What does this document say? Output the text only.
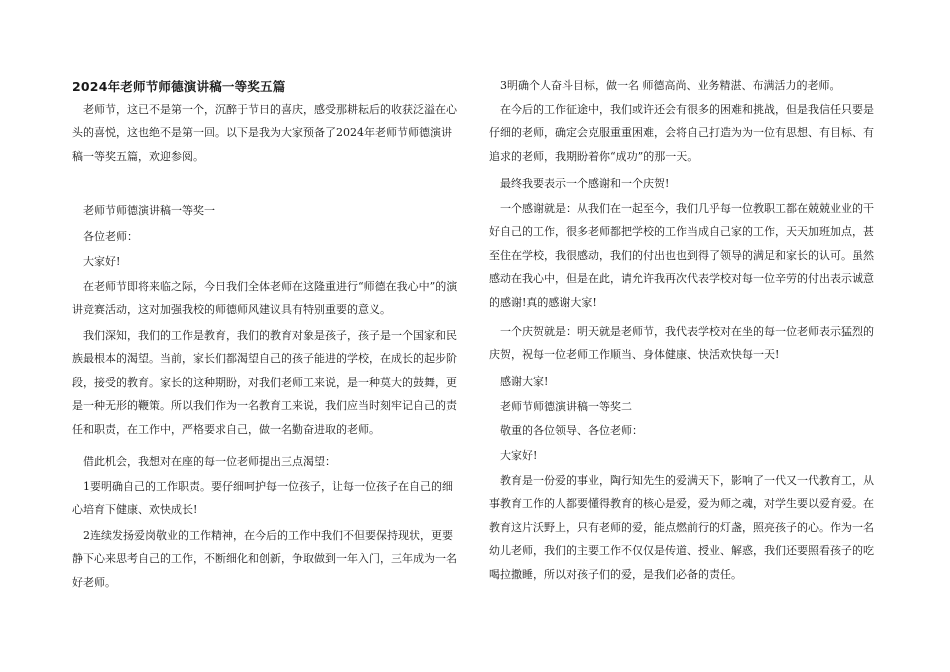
2024年老师节师德演讲稿一等奖五篇
老师节，这已不是第一个，沉醉于节日的喜庆，感受那耕耘后的收获泛溢在心头的喜悦，这也绝不是第一回。以下是我为大家预备了2024年老师节师德演讲稿一等奖五篇，欢迎参阅。
老师节师德演讲稿一等奖一
各位老师：
大家好!
在老师节即将来临之际，今日我们全体老师在这隆重进行“师德在我心中”的演讲竞赛活动，这对加强我校的师德师风建议具有特别重要的意义。
我们深知，我们的工作是教育，我们的教育对象是孩子，孩子是一个国家和民族最根本的渴望。当前，家长们都渴望自己的孩子能进的学校，在成长的起步阶段，接受的教育。家长的这种期盼，对我们老师工来说，是一种莫大的鼓舞，更是一种无形的鞭策。所以我们作为一名教育工来说，我们应当时刻牢记自己的责任和职责，在工作中，严格要求自己，做一名勤奋进取的老师。
借此机会，我想对在座的每一位老师提出三点渴望：
1要明确自己的工作职责。要仔细呵护每一位孩子，让每一位孩子在自己的细心培育下健康、欢快成长!
2连续发扬爱岗敬业的工作精神，在今后的工作中我们不但要保持现状，更要静下心来思考自己的工作，不断细化和创新，争取做到一年入门，三年成为一名好老师。
3明确个人奋斗目标，做一名 师德高尚、业务精湛、布满活力的老师。
在今后的工作征途中，我们或许还会有很多的困难和挑战，但是我信任只要是仔细的老师，确定会克服重重困难，会将自己打造为为一位有思想、有目标、有追求的老师，我期盼着你“成功”的那一天。
最终我要表示一个感谢和一个庆贺!
一个感谢就是：从我们在一起至今，我们几乎每一位教职工都在兢兢业业的干好自己的工作，很多老师都把学校的工作当成自己家的工作，天天加班加点，甚至住在学校，我很感动，我们的付出也也到得了领导的满足和家长的认可。虽然感动在我心中，但是在此，请允许我再次代表学校对每一位辛劳的付出表示诚意的感谢!真的感谢大家!
一个庆贺就是：明天就是老师节，我代表学校对在坐的每一位老师表示猛烈的庆贺，祝每一位老师工作顺当、身体健康、快活欢快每一天!
感谢大家!
老师节师德演讲稿一等奖二
敬重的各位领导、各位老师：
大家好!
教育是一份爱的事业，陶行知先生的爱满天下，影响了一代又一代教育工，从事教育工作的人都要懂得教育的核心是爱，爱为师之魂，对学生要以爱育爱。在教育这片沃野上，只有老师的爱，能点燃前行的灯盏，照亮孩子的心。作为一名幼儿老师，我们的主要工作不仅仅是传道、授业、解惑，我们还要照看孩子的吃喝拉撒睡，所以对孩子们的爱，是我们必备的责任。
